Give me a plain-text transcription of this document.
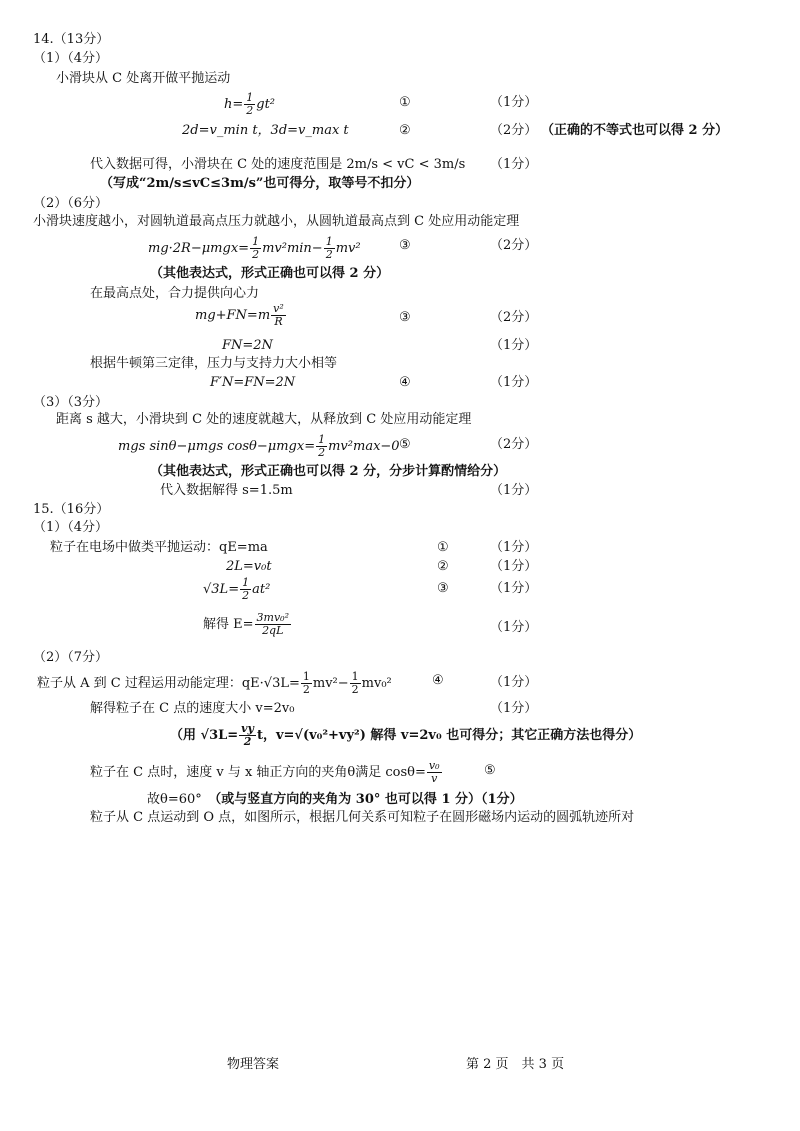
14.（13分）
（1）（4分）
小滑块从 C 处离开做平抛运动
$h= \frac{1}{2} gt^2$	①	（1分）
2d=v_min t，3d=v_max t	②	（2分） （正确的不等式也可以得 2 分）
代入数据可得，小滑块在 C 处的速度范围是 2m/s < vC < 3m/s （1分）
（写成“2m/s≤vC≤3m/s”也可得分，取等号不扣分）
（2）（6分）
小滑块速度越小，对圆轨道最高点压力就越小，从圆轨道最高点到 C 处应用动能定理
$mg\cdot 2R-\mu mgx= \frac{1}{2} mv^2\min- \frac{1}{2} mv^2$	③	（2分）
（其他表达式，形式正确也可以得 2 分）
在最高点处，合力提供向心力
$mg+FN=m \frac{\text{v²}}{R}$	③	（2分）
FN=2N	（1分）
根据牛顿第三定律，压力与支持力大小相等
F′N=FN=2N	④	（1分）
（3）（3分）
距离 s 越大，小滑块到 C 处的速度就越大，从释放到 C 处应用动能定理
mgs sinθ−μmgs $\cos\theta-\mu mgx= \frac{1}{2} mv^2\max-0$ ⑤	（2分）
（其他表达式，形式正确也可以得 2 分，分步计算酌情给分）
代入数据解得 s=1.5m	（1分）
15.（16分）
（1）（4分）
粒子在电场中做类平抛运动：qE=ma	①	（1分）
2L=v₀t	②	（1分）
$√3L= \frac{1}{2} at^2$	③	（1分）
解得 $E= \frac{\text{3mv₀²}}{2qL}$	（1分）
（2）（7分）
粒子从 A 到 C 过程运用动能定理：$qE\cdot√3L= \frac{1}{2} mv^2- \frac{1}{2} mv_0^2$	④	（1分）
解得粒子在 C 点的速度大小 v=2v₀	（1分）
（用 $√3L= \frac{vy}{2}$ t，v=√(v₀²+vy²) 解得 v=2v₀ 也可得分；其它正确方法也得分）
粒子在 C 点时，速度 v 与 x 轴正方向的夹角θ满足 $\cos\theta= \frac{\text{v₀}}{v}$	⑤
故θ=60°　 （或与竖直方向的夹角为 30° 也可以得 1 分）（1分）
粒子从 C 点运动到 O 点，如图所示，根据几何关系可知粒子在圆形磁场内运动的圆弧轨迹所对
物理答案	第 2 页　共 3 页
